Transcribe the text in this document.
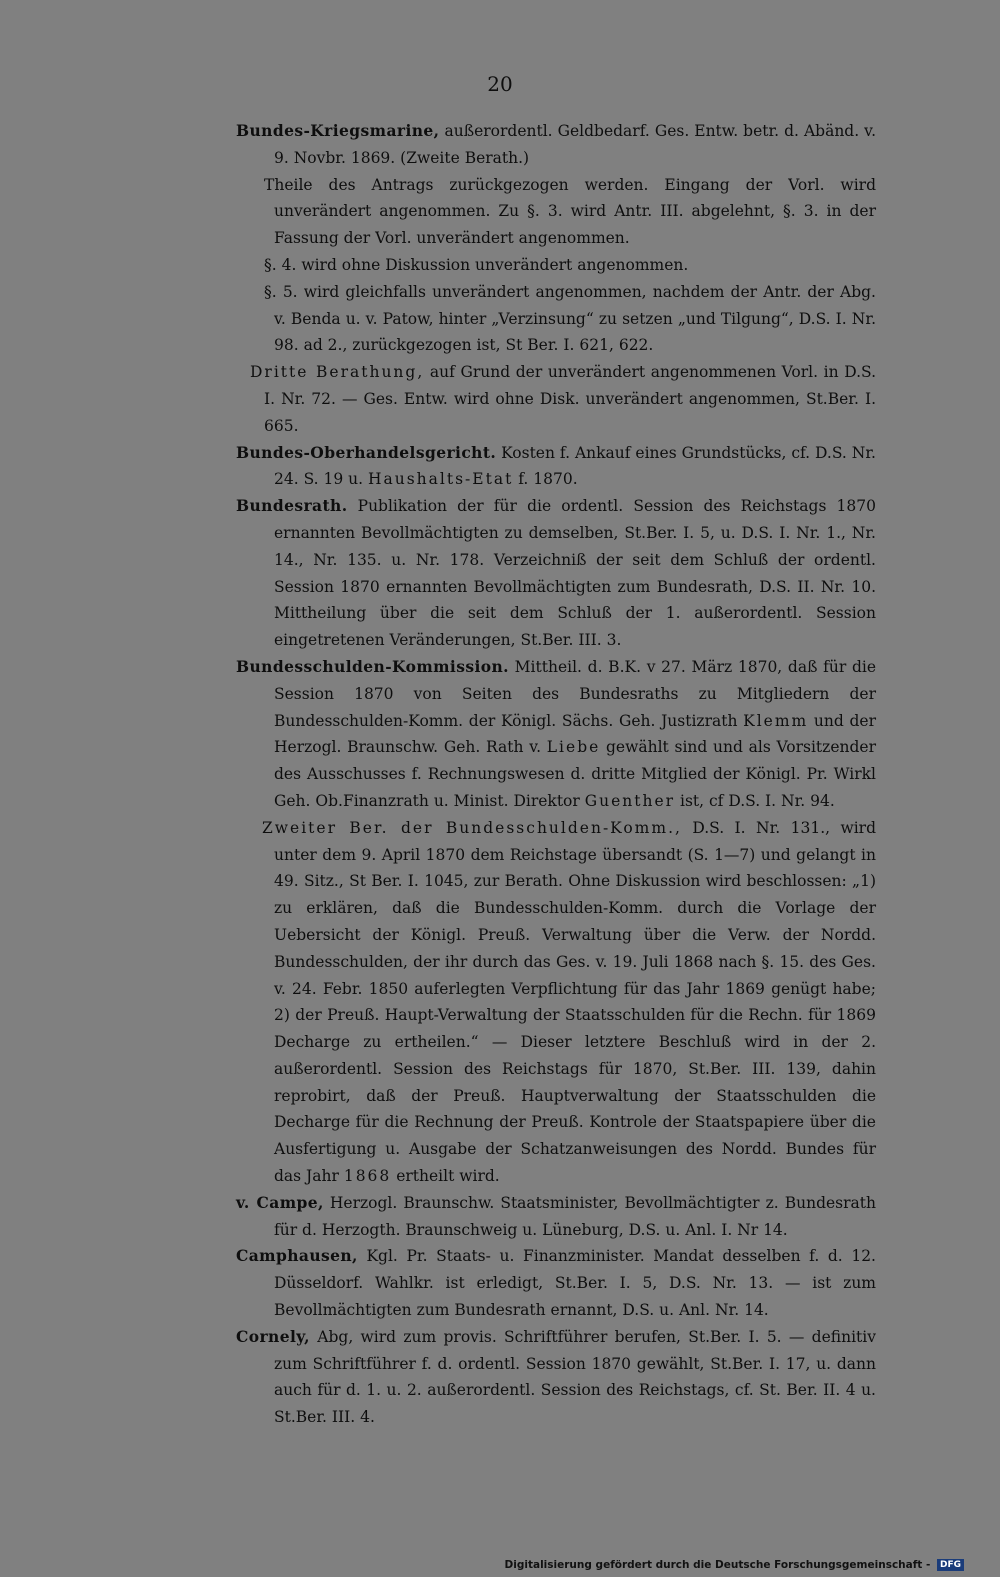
20

Bundes-Kriegsmarine, außerordentl. Geldbedarf. Ges. Entw. betr. d. Abänd. v. 9. Novbr. 1869. (Zweite Berath.)

Theile des Antrags zurückgezogen werden. Eingang der Vorl. wird unverändert angenommen. Zu §. 3. wird Antr. III. abgelehnt, §. 3. in der Fassung der Vorl. unverändert angenommen.

§. 4. wird ohne Diskussion unverändert angenommen.

§. 5. wird gleichfalls unverändert angenommen, nachdem der Antr. der Abg. v. Benda u. v. Patow, hinter „Verzinsung“ zu setzen „und Tilgung“, D.S. I. Nr. 98. ad 2., zurückgezogen ist, St Ber. I. 621, 622.

Dritte Berathung, auf Grund der unverändert angenommenen Vorl. in D.S. I. Nr. 72. — Ges. Entw. wird ohne Disk. unverändert angenommen, St.Ber. I. 665.

Bundes-Oberhandelsgericht. Kosten f. Ankauf eines Grundstücks, cf. D.S. Nr. 24. S. 19 u. Haushalts-Etat f. 1870.

Bundesrath. Publikation der für die ordentl. Session des Reichstags 1870 ernannten Bevollmächtigten zu demselben, St.Ber. I. 5, u. D.S. I. Nr. 1., Nr. 14., Nr. 135. u. Nr. 178. Verzeichniß der seit dem Schluß der ordentl. Session 1870 ernannten Bevollmächtigten zum Bundesrath, D.S. II. Nr. 10. Mittheilung über die seit dem Schluß der 1. außerordentl. Session eingetretenen Veränderungen, St.Ber. III. 3.

Bundesschulden-Kommission. Mittheil. d. B.K. v 27. März 1870, daß für die Session 1870 von Seiten des Bundesraths zu Mitgliedern der Bundesschulden-Komm. der Königl. Sächs. Geh. Justizrath Klemm und der Herzogl. Braunschw. Geh. Rath v. Liebe gewählt sind und als Vorsitzender des Ausschusses f. Rechnungswesen d. dritte Mitglied der Königl. Pr. Wirkl Geh. Ob.Finanzrath u. Minist. Direktor Guenther ist, cf D.S. I. Nr. 94.

Zweiter Ber. der Bundesschulden-Komm., D.S. I. Nr. 131., wird unter dem 9. April 1870 dem Reichstage übersandt (S. 1—7) und gelangt in 49. Sitz., St Ber. I. 1045, zur Berath. Ohne Diskussion wird beschlossen: „1) zu erklären, daß die Bundesschulden-Komm. durch die Vorlage der Uebersicht der Königl. Preuß. Verwaltung über die Verw. der Nordd. Bundesschulden, der ihr durch das Ges. v. 19. Juli 1868 nach §. 15. des Ges. v. 24. Febr. 1850 auferlegten Verpflichtung für das Jahr 1869 genügt habe; 2) der Preuß. Haupt-Verwaltung der Staatsschulden für die Rechn. für 1869 Decharge zu ertheilen.“ — Dieser letztere Beschluß wird in der 2. außerordentl. Session des Reichstags für 1870, St.Ber. III. 139, dahin reprobirt, daß der Preuß. Hauptverwaltung der Staatsschulden die Decharge für die Rechnung der Preuß. Kontrole der Staatspapiere über die Ausfertigung u. Ausgabe der Schatzanweisungen des Nordd. Bundes für das Jahr 1868 ertheilt wird.

v. Campe, Herzogl. Braunschw. Staatsminister, Bevollmächtigter z. Bundesrath für d. Herzogth. Braunschweig u. Lüneburg, D.S. u. Anl. I. Nr 14.

Camphausen, Kgl. Pr. Staats- u. Finanzminister. Mandat desselben f. d. 12. Düsseldorf. Wahlkr. ist erledigt, St.Ber. I. 5, D.S. Nr. 13. — ist zum Bevollmächtigten zum Bundesrath ernannt, D.S. u. Anl. Nr. 14.

Cornely, Abg, wird zum provis. Schriftführer berufen, St.Ber. I. 5. — definitiv zum Schriftführer f. d. ordentl. Session 1870 gewählt, St.Ber. I. 17, u. dann auch für d. 1. u. 2. außerordentl. Session des Reichstags, cf. St. Ber. II. 4 u. St.Ber. III. 4.

Digitalisierung gefördert durch die Deutsche Forschungsgemeinschaft - DFG
